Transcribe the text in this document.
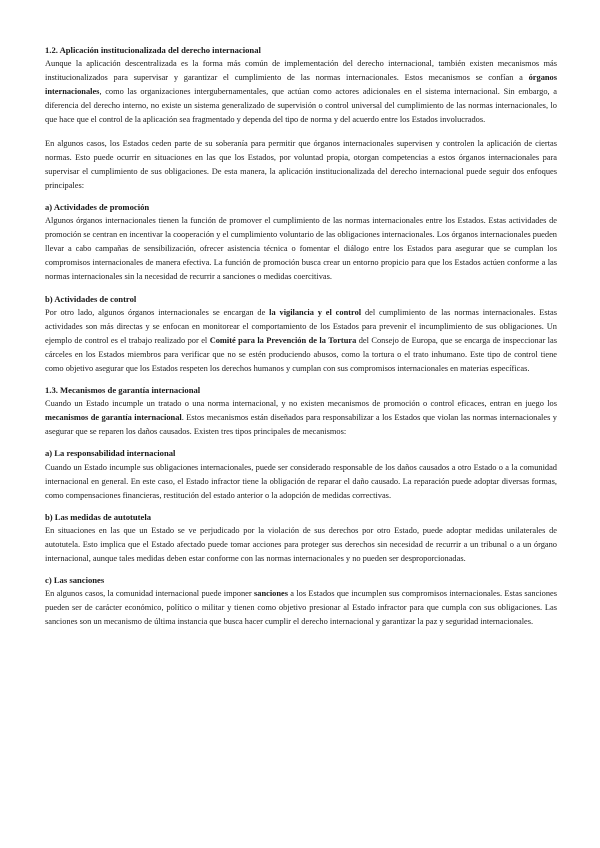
1.2. Aplicación institucionalizada del derecho internacional

Aunque la aplicación descentralizada es la forma más común de implementación del derecho internacional, también existen mecanismos más institucionalizados para supervisar y garantizar el cumplimiento de las normas internacionales. Estos mecanismos se confían a órganos internacionales, como las organizaciones intergubernamentales, que actúan como actores adicionales en el sistema internacional. Sin embargo, a diferencia del derecho interno, no existe un sistema generalizado de supervisión o control universal del cumplimiento de las normas internacionales, lo que hace que el control de la aplicación sea fragmentado y dependa del tipo de norma y del acuerdo entre los Estados involucrados.

En algunos casos, los Estados ceden parte de su soberanía para permitir que órganos internacionales supervisen y controlen la aplicación de ciertas normas. Esto puede ocurrir en situaciones en las que los Estados, por voluntad propia, otorgan competencias a estos órganos internacionales para supervisar el cumplimiento de sus obligaciones. De esta manera, la aplicación institucionalizada del derecho internacional puede seguir dos enfoques principales:

a) Actividades de promoción

Algunos órganos internacionales tienen la función de promover el cumplimiento de las normas internacionales entre los Estados. Estas actividades de promoción se centran en incentivar la cooperación y el cumplimiento voluntario de las obligaciones internacionales. Los órganos internacionales pueden llevar a cabo campañas de sensibilización, ofrecer asistencia técnica o fomentar el diálogo entre los Estados para asegurar que se cumplan los compromisos internacionales de manera efectiva. La función de promoción busca crear un entorno propicio para que los Estados actúen conforme a las normas internacionales sin la necesidad de recurrir a sanciones o medidas coercitivas.

b) Actividades de control

Por otro lado, algunos órganos internacionales se encargan de la vigilancia y el control del cumplimiento de las normas internacionales. Estas actividades son más directas y se enfocan en monitorear el comportamiento de los Estados para prevenir el incumplimiento de sus obligaciones. Un ejemplo de control es el trabajo realizado por el Comité para la Prevención de la Tortura del Consejo de Europa, que se encarga de inspeccionar las cárceles en los Estados miembros para verificar que no se estén produciendo abusos, como la tortura o el trato inhumano. Este tipo de control tiene como objetivo asegurar que los Estados respeten los derechos humanos y cumplan con sus compromisos internacionales en materias específicas.

1.3. Mecanismos de garantía internacional

Cuando un Estado incumple un tratado o una norma internacional, y no existen mecanismos de promoción o control eficaces, entran en juego los mecanismos de garantía internacional. Estos mecanismos están diseñados para responsabilizar a los Estados que violan las normas internacionales y asegurar que se reparen los daños causados. Existen tres tipos principales de mecanismos:

a) La responsabilidad internacional

Cuando un Estado incumple sus obligaciones internacionales, puede ser considerado responsable de los daños causados a otro Estado o a la comunidad internacional en general. En este caso, el Estado infractor tiene la obligación de reparar el daño causado. La reparación puede adoptar diversas formas, como compensaciones financieras, restitución del estado anterior o la adopción de medidas correctivas.

b) Las medidas de autotutela

En situaciones en las que un Estado se ve perjudicado por la violación de sus derechos por otro Estado, puede adoptar medidas unilaterales de autotutela. Esto implica que el Estado afectado puede tomar acciones para proteger sus derechos sin necesidad de recurrir a un tribunal o a un órgano internacional, aunque tales medidas deben estar conforme con las normas internacionales y no pueden ser desproporcionadas.

c) Las sanciones

En algunos casos, la comunidad internacional puede imponer sanciones a los Estados que incumplen sus compromisos internacionales. Estas sanciones pueden ser de carácter económico, político o militar y tienen como objetivo presionar al Estado infractor para que cumpla con sus obligaciones. Las sanciones son un mecanismo de última instancia que busca hacer cumplir el derecho internacional y garantizar la paz y seguridad internacionales.
